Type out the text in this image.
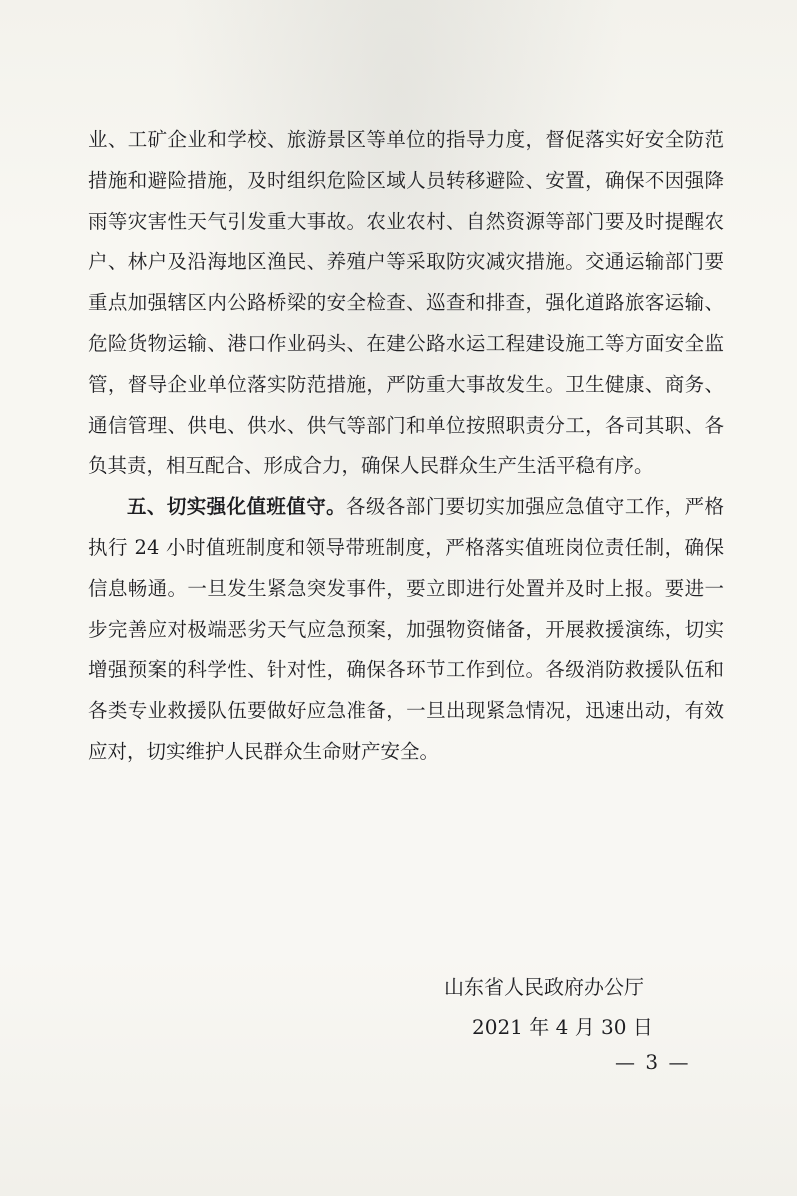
业、工矿企业和学校、旅游景区等单位的指导力度，督促落实好安全防范措施和避险措施，及时组织危险区域人员转移避险、安置，确保不因强降雨等灾害性天气引发重大事故。农业农村、自然资源等部门要及时提醒农户、林户及沿海地区渔民、养殖户等采取防灾减灾措施。交通运输部门要重点加强辖区内公路桥梁的安全检查、巡查和排查，强化道路旅客运输、危险货物运输、港口作业码头、在建公路水运工程建设施工等方面安全监管，督导企业单位落实防范措施，严防重大事故发生。卫生健康、商务、通信管理、供电、供水、供气等部门和单位按照职责分工，各司其职、各负其责，相互配合、形成合力，确保人民群众生产生活平稳有序。

五、切实强化值班值守。各级各部门要切实加强应急值守工作，严格执行 24 小时值班制度和领导带班制度，严格落实值班岗位责任制，确保信息畅通。一旦发生紧急突发事件，要立即进行处置并及时上报。要进一步完善应对极端恶劣天气应急预案，加强物资储备，开展救援演练，切实增强预案的科学性、针对性，确保各环节工作到位。各级消防救援队伍和各类专业救援队伍要做好应急准备，一旦出现紧急情况，迅速出动，有效应对，切实维护人民群众生命财产安全。

山东省人民政府办公厅
2021 年 4 月 30 日
— 3 —
